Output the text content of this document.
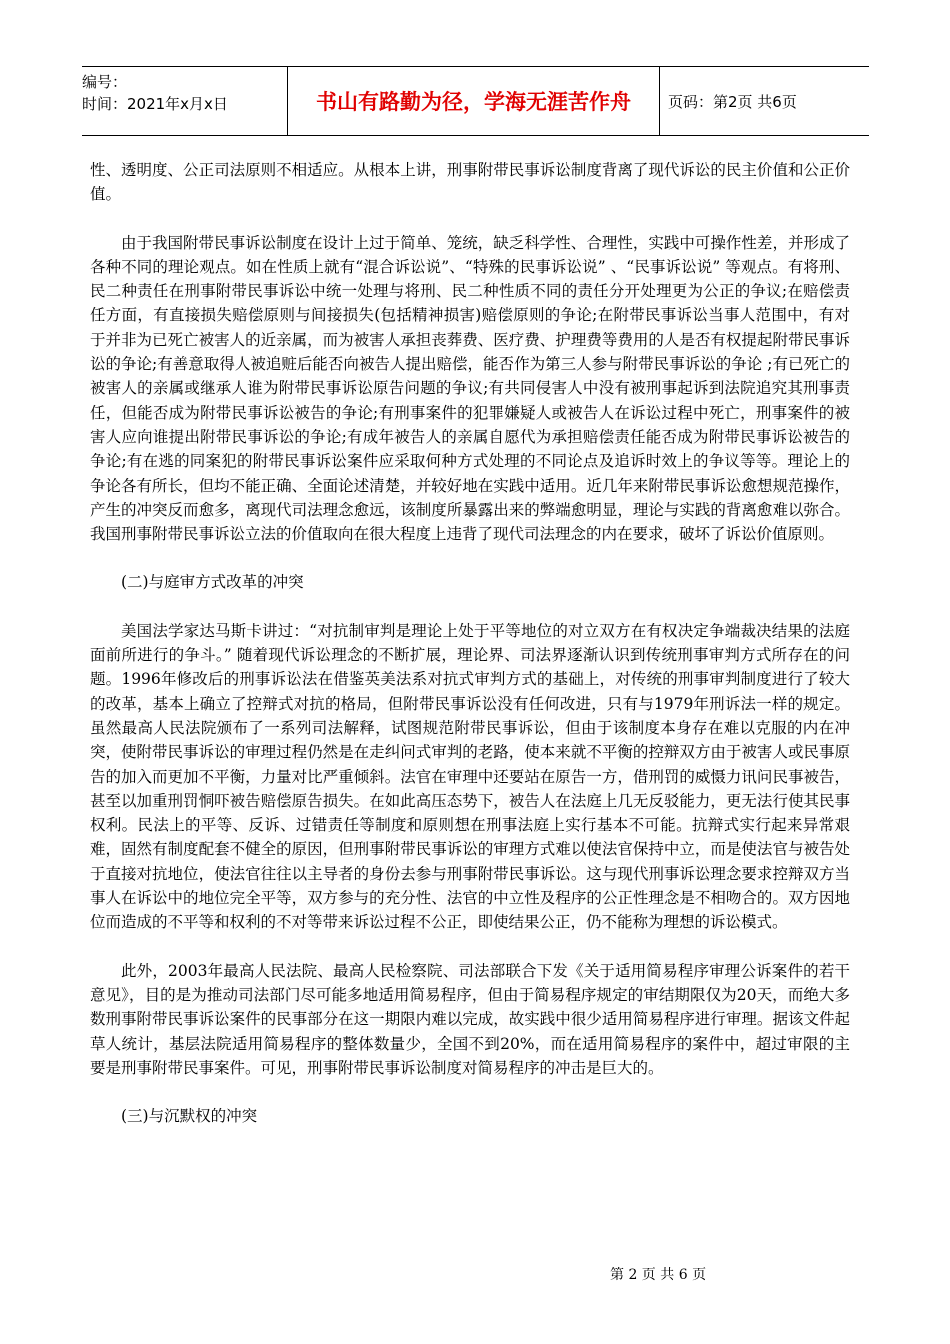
编号：
时间：2021年x月x日	书山有路勤为径，学海无涯苦作舟	页码：第2页 共6页

性、透明度、公正司法原则不相适应。从根本上讲，刑事附带民事诉讼制度背离了现代诉讼的民主价值和公正价值。

由于我国附带民事诉讼制度在设计上过于简单、笼统，缺乏科学性、合理性，实践中可操作性差，并形成了各种不同的理论观点。如在性质上就有“混合诉讼说”、“特殊的民事诉讼说” 、“民事诉讼说” 等观点。有将刑、民二种责任在刑事附带民事诉讼中统一处理与将刑、民二种性质不同的责任分开处理更为公正的争议;在赔偿责任方面，有直接损失赔偿原则与间接损失(包括精神损害)赔偿原则的争论;在附带民事诉讼当事人范围中，有对于并非为已死亡被害人的近亲属，而为被害人承担丧葬费、医疗费、护理费等费用的人是否有权提起附带民事诉讼的争论;有善意取得人被追赃后能否向被告人提出赔偿，能否作为第三人参与附带民事诉讼的争论 ;有已死亡的被害人的亲属或继承人谁为附带民事诉讼原告问题的争议;有共同侵害人中没有被刑事起诉到法院追究其刑事责任，但能否成为附带民事诉讼被告的争论;有刑事案件的犯罪嫌疑人或被告人在诉讼过程中死亡，刑事案件的被害人应向谁提出附带民事诉讼的争论;有成年被告人的亲属自愿代为承担赔偿责任能否成为附带民事诉讼被告的争论;有在逃的同案犯的附带民事诉讼案件应采取何种方式处理的不同论点及追诉时效上的争议等等。理论上的争论各有所长，但均不能正确、全面论述清楚，并较好地在实践中适用。近几年来附带民事诉讼愈想规范操作，产生的冲突反而愈多，离现代司法理念愈远，该制度所暴露出来的弊端愈明显，理论与实践的背离愈难以弥合。我国刑事附带民事诉讼立法的价值取向在很大程度上违背了现代司法理念的内在要求，破坏了诉讼价值原则。

(二)与庭审方式改革的冲突

美国法学家达马斯卡讲过：“对抗制审判是理论上处于平等地位的对立双方在有权决定争端裁决结果的法庭面前所进行的争斗。” 随着现代诉讼理念的不断扩展，理论界、司法界逐渐认识到传统刑事审判方式所存在的问题。1996年修改后的刑事诉讼法在借鉴英美法系对抗式审判方式的基础上，对传统的刑事审判制度进行了较大的改革，基本上确立了控辩式对抗的格局，但附带民事诉讼没有任何改进，只有与1979年刑诉法一样的规定。虽然最高人民法院颁布了一系列司法解释，试图规范附带民事诉讼，但由于该制度本身存在难以克服的内在冲突，使附带民事诉讼的审理过程仍然是在走纠问式审判的老路，使本来就不平衡的控辩双方由于被害人或民事原告的加入而更加不平衡，力量对比严重倾斜。法官在审理中还要站在原告一方，借刑罚的威慑力讯问民事被告，甚至以加重刑罚恫吓被告赔偿原告损失。在如此高压态势下，被告人在法庭上几无反驳能力，更无法行使其民事权利。民法上的平等、反诉、过错责任等制度和原则想在刑事法庭上实行基本不可能。抗辩式实行起来异常艰难，固然有制度配套不健全的原因，但刑事附带民事诉讼的审理方式难以使法官保持中立，而是使法官与被告处于直接对抗地位，使法官往往以主导者的身份去参与刑事附带民事诉讼。这与现代刑事诉讼理念要求控辩双方当事人在诉讼中的地位完全平等，双方参与的充分性、法官的中立性及程序的公正性理念是不相吻合的。双方因地位而造成的不平等和权利的不对等带来诉讼过程不公正，即使结果公正，仍不能称为理想的诉讼模式。

此外，2003年最高人民法院、最高人民检察院、司法部联合下发《关于适用简易程序审理公诉案件的若干意见》，目的是为推动司法部门尽可能多地适用简易程序，但由于简易程序规定的审结期限仅为20天，而绝大多数刑事附带民事诉讼案件的民事部分在这一期限内难以完成，故实践中很少适用简易程序进行审理。据该文件起草人统计，基层法院适用简易程序的整体数量少，全国不到20%，而在适用简易程序的案件中，超过审限的主要是刑事附带民事案件。可见，刑事附带民事诉讼制度对简易程序的冲击是巨大的。

(三)与沉默权的冲突

第 2 页 共 6 页
